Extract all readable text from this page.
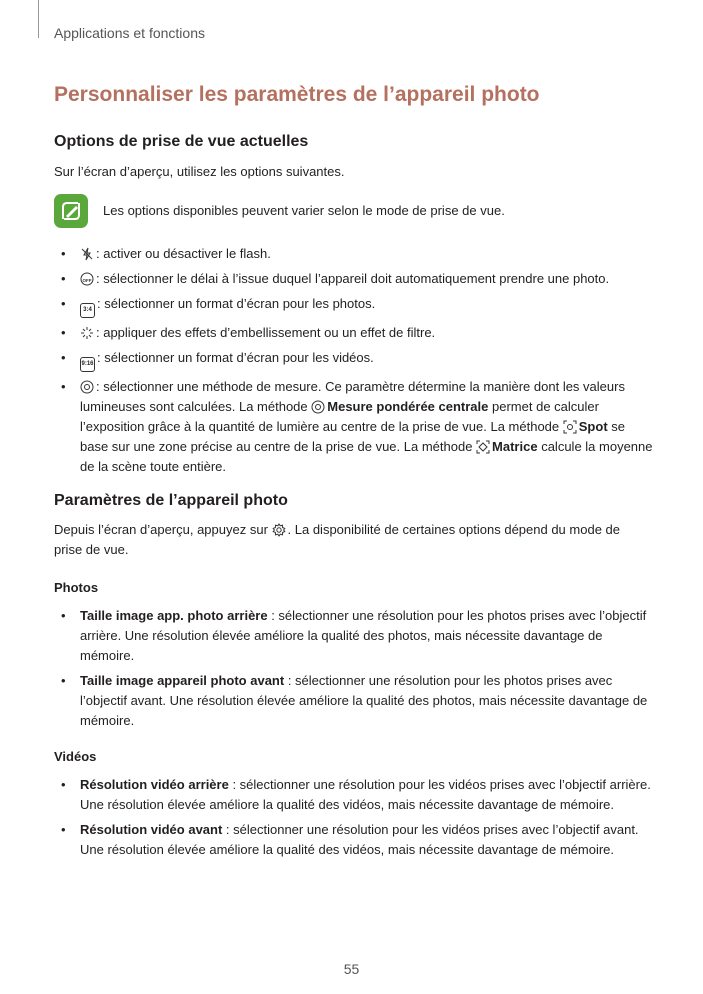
Applications et fonctions
Personnaliser les paramètres de l’appareil photo
Options de prise de vue actuelles

Sur l’écran d’aperçu, utilisez les options suivantes.

Les options disponibles peuvent varier selon le mode de prise de vue.

• : activer ou désactiver le flash.
•	OFF : sélectionner le délai à l’issue duquel l’appareil doit automatiquement prendre une photo.
•	3:4 : sélectionner un format d’écran pour les photos.
• : appliquer des effets d’embellissement ou un effet de filtre.
•	9:16 : sélectionner un format d’écran pour les vidéos.
• : sélectionner une méthode de mesure. Ce paramètre détermine la manière dont les valeurs lumineuses sont calculées. La méthode Mesure pondérée centrale permet de calculer l’exposition grâce à la quantité de lumière au centre de la prise de vue. La méthode Spot se base sur une zone précise au centre de la prise de vue. La méthode Matrice calcule la moyenne de la scène toute entière.
Paramètres de l’appareil photo

Depuis l’écran d’aperçu, appuyez sur . La disponibilité de certaines options dépend du mode de prise de vue.

Photos
• Taille image app. photo arrière : sélectionner une résolution pour les photos prises avec l’objectif arrière. Une résolution élevée améliore la qualité des photos, mais nécessite davantage de mémoire.
• Taille image appareil photo avant : sélectionner une résolution pour les photos prises avec l’objectif avant. Une résolution élevée améliore la qualité des photos, mais nécessite davantage de mémoire.
Vidéos
• Résolution vidéo arrière : sélectionner une résolution pour les vidéos prises avec l’objectif arrière. Une résolution élevée améliore la qualité des vidéos, mais nécessite davantage de mémoire.
• Résolution vidéo avant : sélectionner une résolution pour les vidéos prises avec l’objectif avant. Une résolution élevée améliore la qualité des vidéos, mais nécessite davantage de mémoire.
55
